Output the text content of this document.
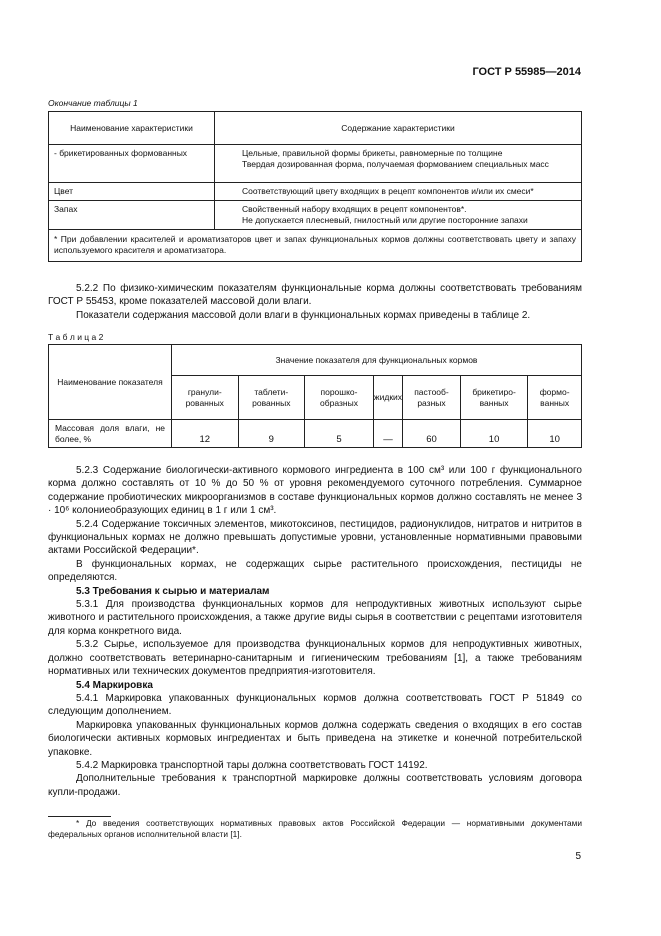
ГОСТ Р 55985—2014
Окончание таблицы 1
Наименование характеристики	Содержание характеристики
- брикетированных формованных	Цельные, правильной формы брикеты, равномерные по толщине
Твердая дозированная форма, получаемая формованием специальных масс

Цвет	Соответствующий цвету входящих в рецепт компонентов и/или их смеси*

Запах	Свойственный набору входящих в рецепт компонентов*.
Не допускается плесневый, гнилостный или другие посторонние запахи

* При добавлении красителей и ароматизаторов цвет и запах функциональных кормов должны соответствовать цвету и запаху используемого красителя и ароматизатора.	

5.2.2 По физико-химическим показателям функциональные корма должны соответствовать требованиям ГОСТ Р 55453, кроме показателей массовой доли влаги.

Показатели содержания массовой доли влаги в функциональных кормах приведены в таблице 2.

Т а б л и ц а 2
Наименование показателя	Значение показателя для функциональных кормов						
	гранулированных	таблетированных	порошкообразных	жидких	пастообразных	брикетированных	формованных
Массовая доля влаги, не более, %	12	9	5	—	60	10	10

5.2.3 Содержание биологически-активного кормового ингредиента в 100 см³ или 100 г функционального корма должно составлять от 10 % до 50 % от уровня рекомендуемого суточного потребления. Суммарное содержание пробиотических микроорганизмов в составе функциональных кормов должно составлять не менее 3 · 10⁶ колониеобразующих единиц в 1 г или 1 см³.

5.2.4 Содержание токсичных элементов, микотоксинов, пестицидов, радионуклидов, нитратов и нитритов в функциональных кормах не должно превышать допустимые уровни, установленные нормативными правовыми актами Российской Федерации*.

В функциональных кормах, не содержащих сырье растительного происхождения, пестициды не определяются.

5.3 Требования к сырью и материалам

5.3.1 Для производства функциональных кормов для непродуктивных животных используют сырье животного и растительного происхождения, а также другие виды сырья в соответствии с рецептами изготовителя для корма конкретного вида.

5.3.2 Сырье, используемое для производства функциональных кормов для непродуктивных животных, должно соответствовать ветеринарно-санитарным и гигиеническим требованиям [1], а также требованиям нормативных или технических документов предприятия-изготовителя.

5.4 Маркировка

5.4.1 Маркировка упакованных функциональных кормов должна соответствовать ГОСТ Р 51849 со следующим дополнением.

Маркировка упакованных функциональных кормов должна содержать сведения о входящих в его состав биологически активных кормовых ингредиентах и быть приведена на этикетке и конечной потребительской упаковке.

5.4.2 Маркировка транспортной тары должна соответствовать ГОСТ 14192.

Дополнительные требования к транспортной маркировке должны соответствовать условиям договора купли-продажи.

* До введения соответствующих нормативных правовых актов Российской Федерации — нормативными документами федеральных органов исполнительной власти [1].
5
